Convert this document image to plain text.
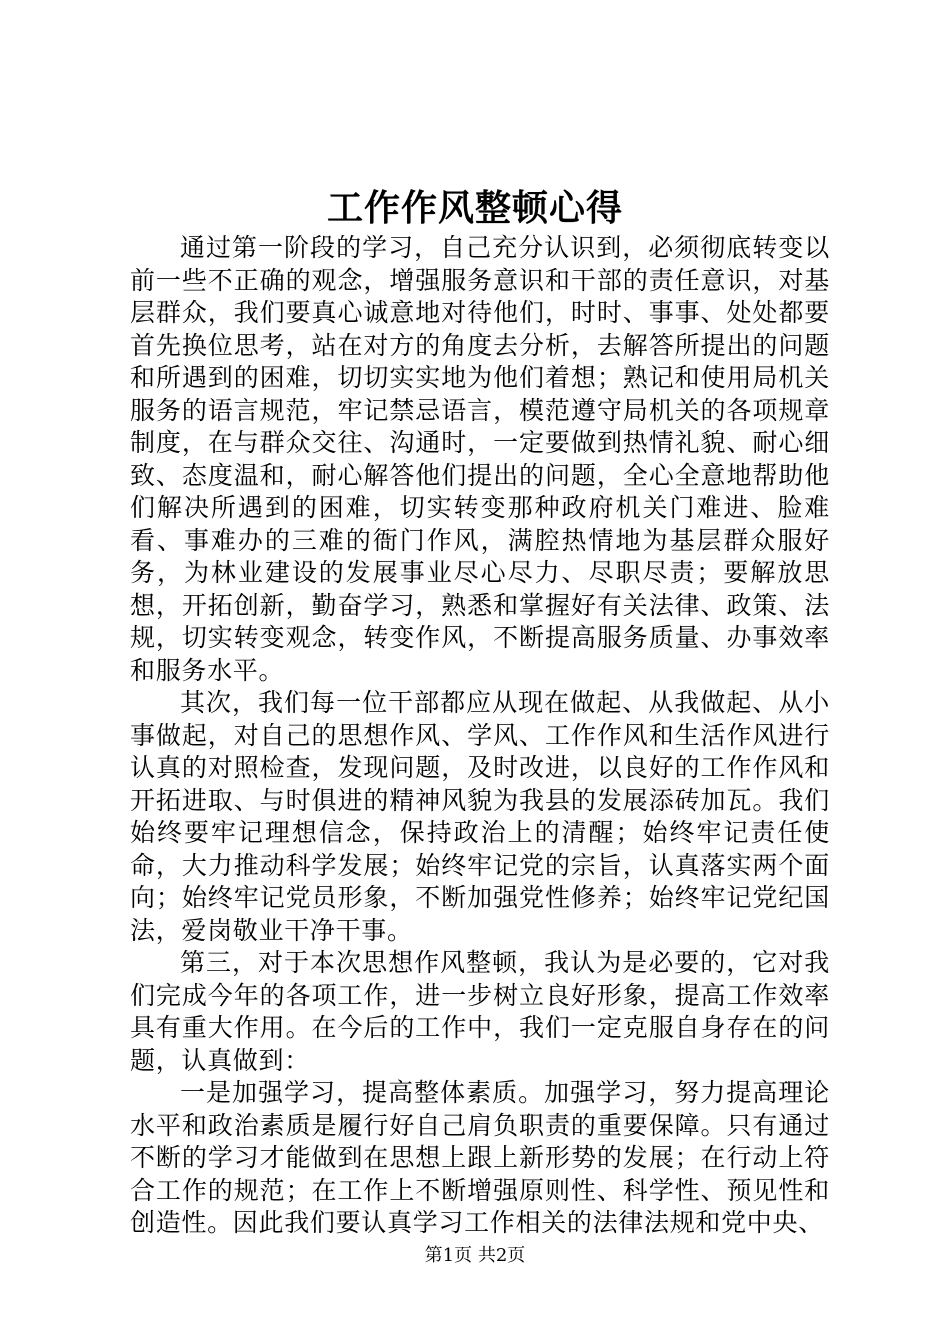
工作作风整顿心得

通过第一阶段的学习，自己充分认识到，必须彻底转变以前一些不正确的观念，增强服务意识和干部的责任意识，对基层群众，我们要真心诚意地对待他们，时时、事事、处处都要首先换位思考，站在对方的角度去分析，去解答所提出的问题和所遇到的困难，切切实实地为他们着想；熟记和使用局机关服务的语言规范，牢记禁忌语言，模范遵守局机关的各项规章制度，在与群众交往、沟通时，一定要做到热情礼貌、耐心细致、态度温和，耐心解答他们提出的问题，全心全意地帮助他们解决所遇到的困难，切实转变那种政府机关门难进、脸难看、事难办的三难的衙门作风，满腔热情地为基层群众服好务，为林业建设的发展事业尽心尽力、尽职尽责；要解放思想，开拓创新，勤奋学习，熟悉和掌握好有关法律、政策、法规，切实转变观念，转变作风，不断提高服务质量、办事效率和服务水平。

其次，我们每一位干部都应从现在做起、从我做起、从小事做起，对自己的思想作风、学风、工作作风和生活作风进行认真的对照检查，发现问题，及时改进，以良好的工作作风和开拓进取、与时俱进的精神风貌为我县的发展添砖加瓦。我们始终要牢记理想信念，保持政治上的清醒；始终牢记责任使命，大力推动科学发展；始终牢记党的宗旨，认真落实两个面向；始终牢记党员形象，不断加强党性修养；始终牢记党纪国法，爱岗敬业干净干事。

第三，对于本次思想作风整顿，我认为是必要的，它对我们完成今年的各项工作，进一步树立良好形象，提高工作效率具有重大作用。在今后的工作中，我们一定克服自身存在的问题，认真做到：

一是加强学习，提高整体素质。加强学习，努力提高理论水平和政治素质是履行好自己肩负职责的重要保障。只有通过不断的学习才能做到在思想上跟上新形势的发展；在行动上符合工作的规范；在工作上不断增强原则性、科学性、预见性和创造性。因此我们要认真学习工作相关的法律法规和党中央、

第1页 共2页
